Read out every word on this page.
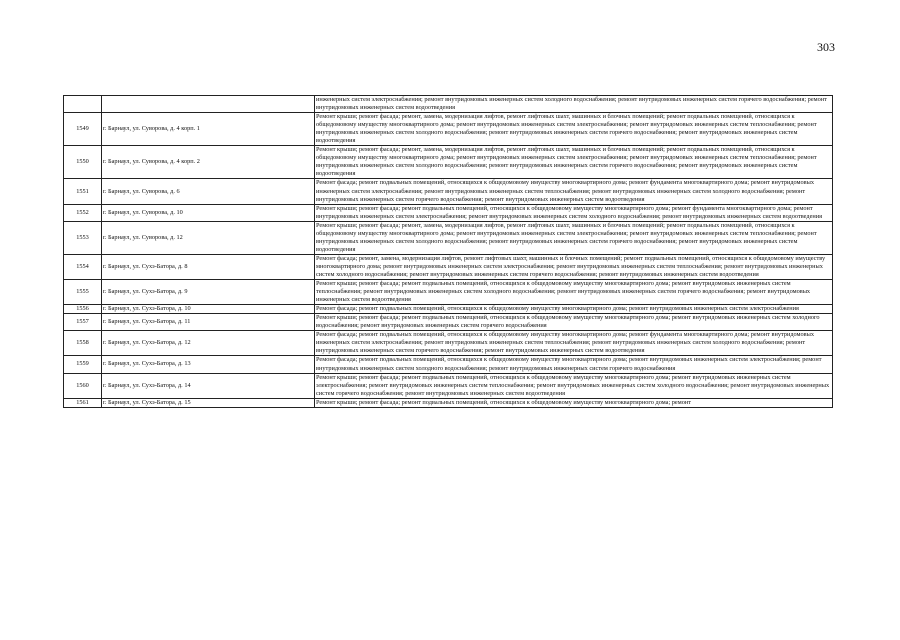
303
		инженерных систем электроснабжения; ремонт внутридомовых инженерных систем холодного водоснабжения; ремонт внутридомовых инженерных систем горячего водоснабжения; ремонт внутридомовых инженерных систем водоотведения
1549	г. Барнаул, ул. Суворова, д. 4 корп. 1	Ремонт крыши; ремонт фасада; ремонт, замена, модернизация лифтов, ремонт лифтовых шахт, машинных и блочных помещений; ремонт подвальных помещений, относящихся к общедомовому имуществу многоквартирного дома; ремонт внутридомовых инженерных систем электроснабжения; ремонт внутридомовых инженерных систем теплоснабжения; ремонт внутридомовых инженерных систем холодного водоснабжения; ремонт внутридомовых инженерных систем горячего водоснабжения; ремонт внутридомовых инженерных систем водоотведения
1550	г. Барнаул, ул. Суворова, д. 4 корп. 2	Ремонт крыши; ремонт фасада; ремонт, замена, модернизация лифтов, ремонт лифтовых шахт, машинных и блочных помещений; ремонт подвальных помещений, относящихся к общедомовому имуществу многоквартирного дома; ремонт внутридомовых инженерных систем электроснабжения; ремонт внутридомовых инженерных систем теплоснабжения; ремонт внутридомовых инженерных систем холодного водоснабжения; ремонт внутридомовых инженерных систем горячего водоснабжения; ремонт внутридомовых инженерных систем водоотведения
1551	г. Барнаул, ул. Суворова, д. 6	Ремонт фасада; ремонт подвальных помещений, относящихся к общедомовому имуществу многоквартирного дома; ремонт фундамента многоквартирного дома; ремонт внутридомовых инженерных систем электроснабжения; ремонт внутридомовых инженерных систем теплоснабжения; ремонт внутридомовых инженерных систем холодного водоснабжения; ремонт внутридомовых инженерных систем горячего водоснабжения; ремонт внутридомовых инженерных систем водоотведения
1552	г. Барнаул, ул. Суворова, д. 10	Ремонт крыши; ремонт фасада; ремонт подвальных помещений, относящихся к общедомовому имуществу многоквартирного дома; ремонт фундамента многоквартирного дома; ремонт внутридомовых инженерных систем электроснабжения; ремонт внутридомовых инженерных систем холодного водоснабжения; ремонт внутридомовых инженерных систем водоотведения
1553	г. Барнаул, ул. Суворова, д. 12	Ремонт крыши; ремонт фасада; ремонт, замена, модернизация лифтов, ремонт лифтовых шахт, машинных и блочных помещений; ремонт подвальных помещений, относящихся к общедомовому имуществу многоквартирного дома; ремонт внутридомовых инженерных систем электроснабжения; ремонт внутридомовых инженерных систем теплоснабжения; ремонт внутридомовых инженерных систем холодного водоснабжения; ремонт внутридомовых инженерных систем горячего водоснабжения; ремонт внутридомовых инженерных систем водоотведения
1554	г. Барнаул, ул. Сухэ-Батора, д. 8	Ремонт фасада; ремонт, замена, модернизация лифтов, ремонт лифтовых шахт, машинных и блочных помещений; ремонт подвальных помещений, относящихся к общедомовому имуществу многоквартирного дома; ремонт внутридомовых инженерных систем электроснабжения; ремонт внутридомовых инженерных систем теплоснабжения; ремонт внутридомовых инженерных систем холодного водоснабжения; ремонт внутридомовых инженерных систем горячего водоснабжения; ремонт внутридомовых инженерных систем водоотведения
1555	г. Барнаул, ул. Сухэ-Батора, д. 9	Ремонт крыши; ремонт фасада; ремонт подвальных помещений, относящихся к общедомовому имуществу многоквартирного дома; ремонт внутридомовых инженерных систем теплоснабжения; ремонт внутридомовых инженерных систем холодного водоснабжения; ремонт внутридомовых инженерных систем горячего водоснабжения; ремонт внутридомовых инженерных систем водоотведения
1556	г. Барнаул, ул. Сухэ-Батора, д. 10	Ремонт фасада; ремонт подвальных помещений, относящихся к общедомовому имуществу многоквартирного дома; ремонт внутридомовых инженерных систем электроснабжения
1557	г. Барнаул, ул. Сухэ-Батора, д. 11	Ремонт крыши; ремонт фасада; ремонт подвальных помещений, относящихся к общедомовому имуществу многоквартирного дома; ремонт внутридомовых инженерных систем холодного водоснабжения; ремонт внутридомовых инженерных систем горячего водоснабжения
1558	г. Барнаул, ул. Сухэ-Батора, д. 12	Ремонт фасада; ремонт подвальных помещений, относящихся к общедомовому имуществу многоквартирного дома; ремонт фундамента многоквартирного дома; ремонт внутридомовых инженерных систем электроснабжения; ремонт внутридомовых инженерных систем теплоснабжения; ремонт внутридомовых инженерных систем холодного водоснабжения; ремонт внутридомовых инженерных систем горячего водоснабжения; ремонт внутридомовых инженерных систем водоотведения
1559	г. Барнаул, ул. Сухэ-Батора, д. 13	Ремонт фасада; ремонт подвальных помещений, относящихся к общедомовому имуществу многоквартирного дома; ремонт внутридомовых инженерных систем электроснабжения; ремонт внутридомовых инженерных систем холодного водоснабжения; ремонт внутридомовых инженерных систем горячего водоснабжения
1560	г. Барнаул, ул. Сухэ-Батора, д. 14	Ремонт крыши; ремонт фасада; ремонт подвальных помещений, относящихся к общедомовому имуществу многоквартирного дома; ремонт внутридомовых инженерных систем электроснабжения; ремонт внутридомовых инженерных систем теплоснабжения; ремонт внутридомовых инженерных систем холодного водоснабжения; ремонт внутридомовых инженерных систем горячего водоснабжения; ремонт внутридомовых инженерных систем водоотведения
1561	г. Барнаул, ул. Сухэ-Батора, д. 15	Ремонт крыши; ремонт фасада; ремонт подвальных помещений, относящихся к общедомовому имуществу многоквартирного дома; ремонт
